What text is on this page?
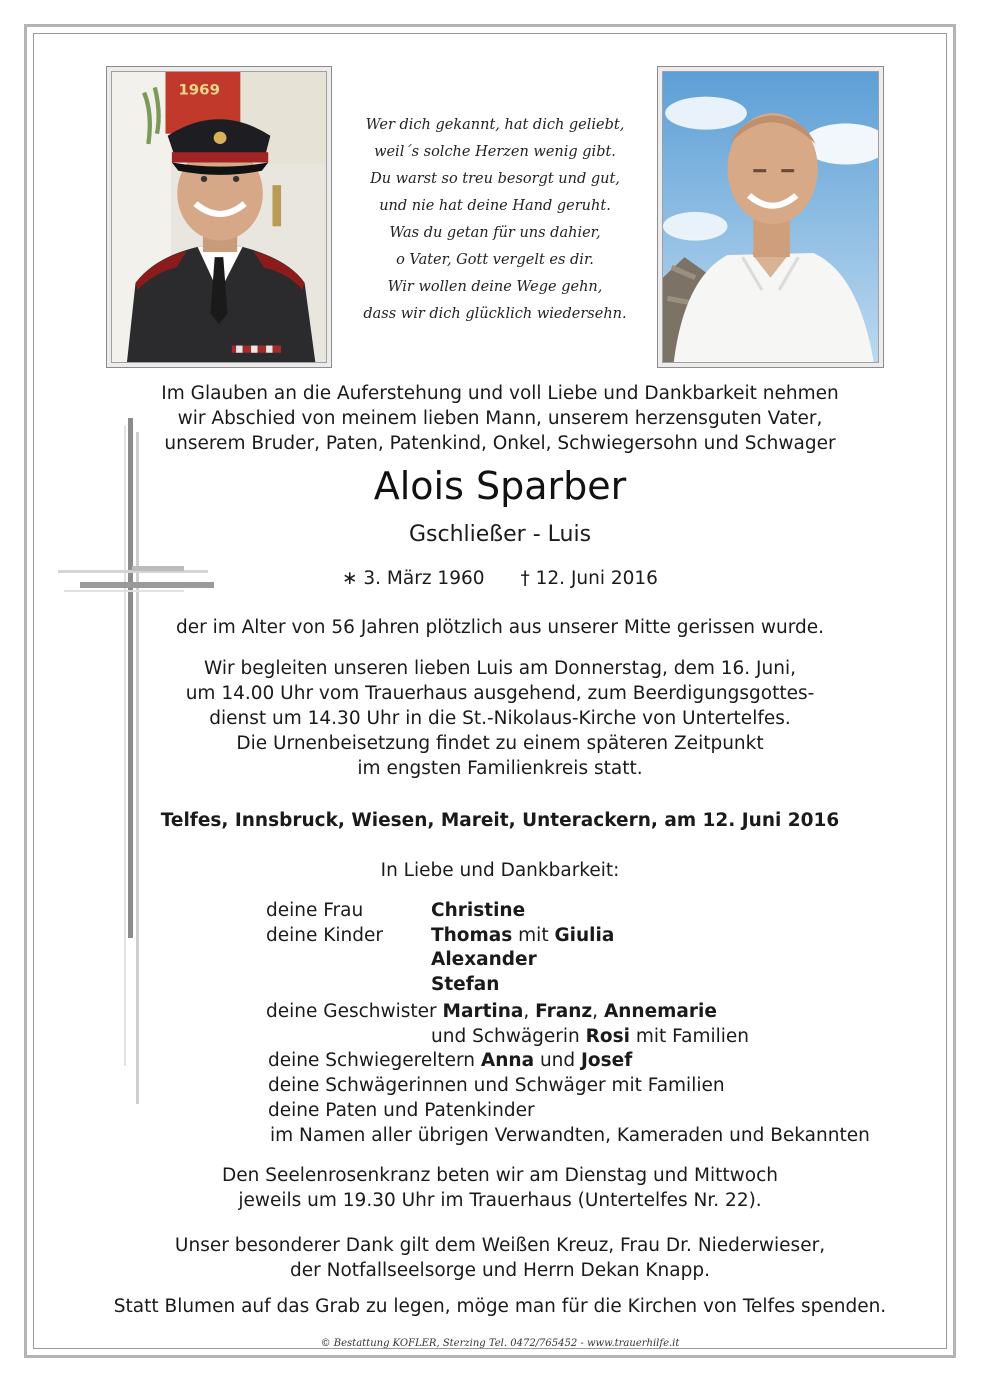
1969
Wer dich gekannt, hat dich geliebt,
weil´s solche Herzen wenig gibt.
Du warst so treu besorgt und gut,
und nie hat deine Hand geruht.
Was du getan für uns dahier,
o Vater, Gott vergelt es dir.
Wir wollen deine Wege gehn,
dass wir dich glücklich wiedersehn.
Im Glauben an die Auferstehung und voll Liebe und Dankbarkeit nehmen
wir Abschied von meinem lieben Mann, unserem herzensguten Vater,
unserem Bruder, Paten, Patenkind, Onkel, Schwiegersohn und Schwager
Alois Sparber
Gschließer - Luis
∗ 3. März 1960 † 12. Juni 2016
der im Alter von 56 Jahren plötzlich aus unserer Mitte gerissen wurde.
Wir begleiten unseren lieben Luis am Donnerstag, dem 16. Juni,
um 14.00 Uhr vom Trauerhaus ausgehend, zum Beerdigungsgottes-
dienst um 14.30 Uhr in die St.-Nikolaus-Kirche von Untertelfes.
Die Urnenbeisetzung findet zu einem späteren Zeitpunkt
im engsten Familienkreis statt.
Telfes, Innsbruck, Wiesen, Mareit, Unterackern, am 12. Juni 2016
In Liebe und Dankbarkeit:
deine Frau	Christine
deine Kinder	Thomas mit Giulia
Alexander
Stefan
deine Geschwister Martina, Franz, Annemarie
und Schwägerin Rosi mit Familien
deine Schwiegereltern Anna und Josef
deine Schwägerinnen und Schwäger mit Familien
deine Paten und Patenkinder
im Namen aller übrigen Verwandten, Kameraden und Bekannten
Den Seelenrosenkranz beten wir am Dienstag und Mittwoch
jeweils um 19.30 Uhr im Trauerhaus (Untertelfes Nr. 22).
Unser besonderer Dank gilt dem Weißen Kreuz, Frau Dr. Niederwieser,
der Notfallseelsorge und Herrn Dekan Knapp.
Statt Blumen auf das Grab zu legen, möge man für die Kirchen von Telfes spenden.
© Bestattung KOFLER, Sterzing Tel. 0472/765452 - www.trauerhilfe.it
